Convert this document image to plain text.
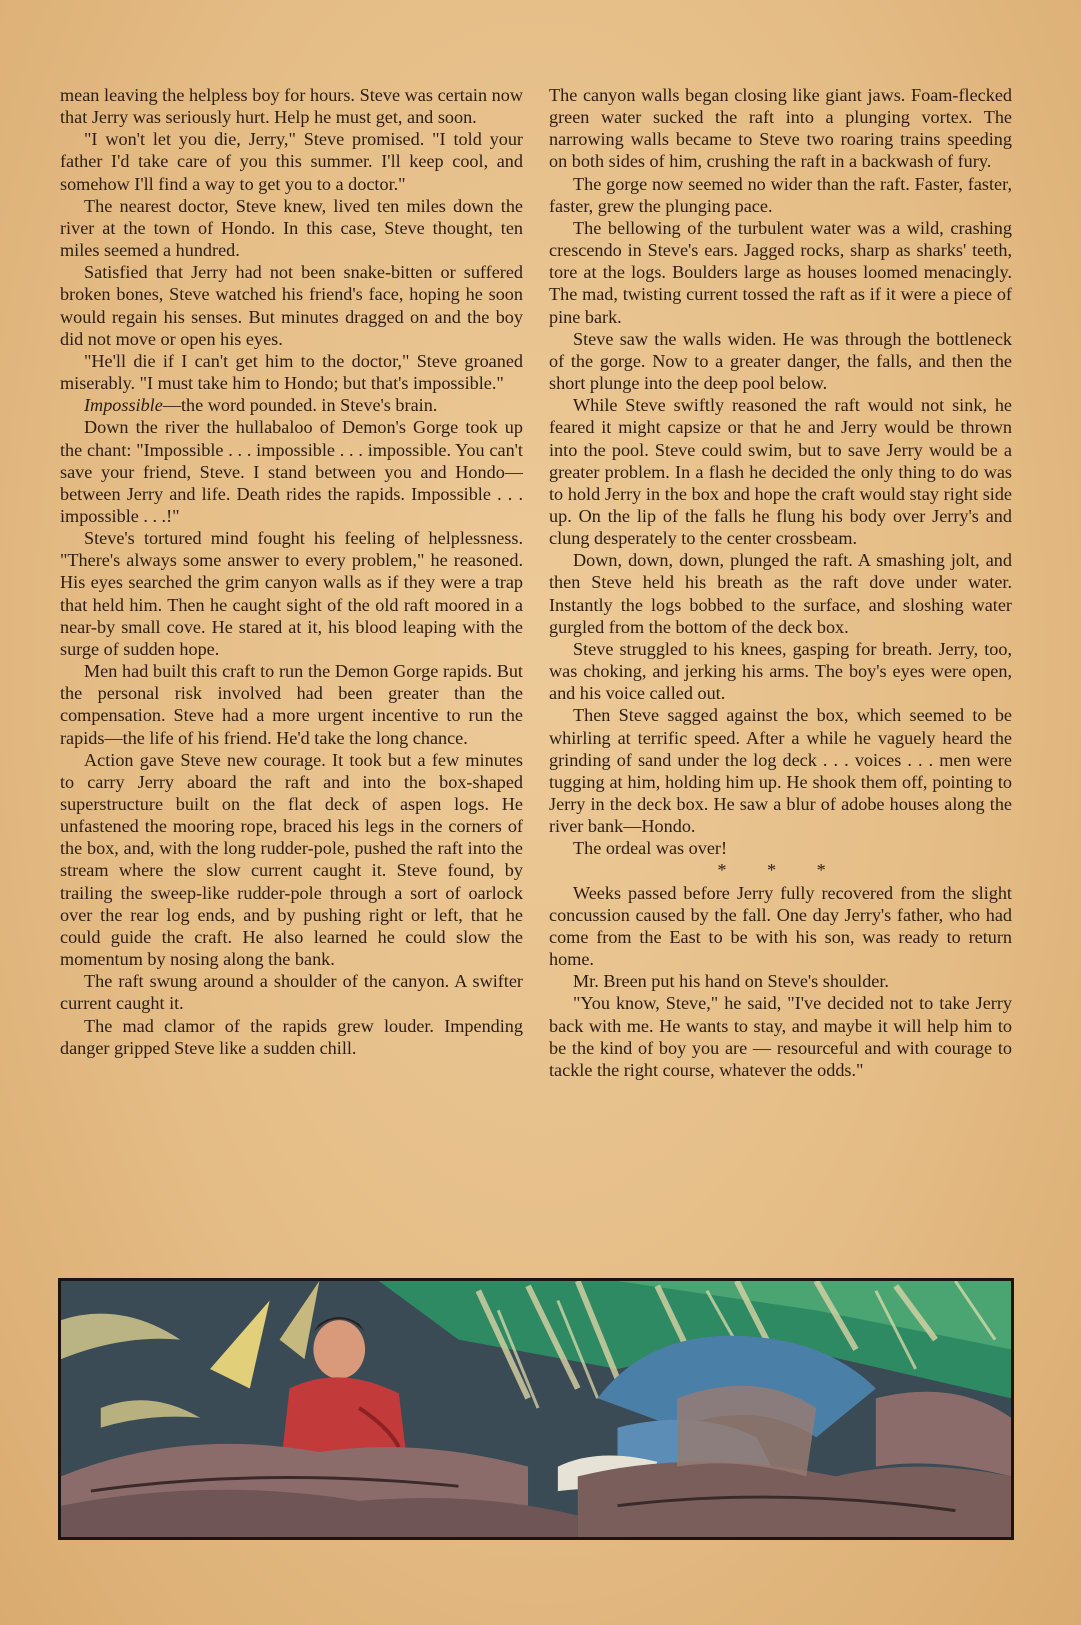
mean leaving the helpless boy for hours. Steve was certain now that Jerry was seriously hurt. Help he must get, and soon.

"I won't let you die, Jerry," Steve promised. "I told your father I'd take care of you this summer. I'll keep cool, and somehow I'll find a way to get you to a doctor."

The nearest doctor, Steve knew, lived ten miles down the river at the town of Hondo. In this case, Steve thought, ten miles seemed a hundred.

Satisfied that Jerry had not been snake-bitten or suffered broken bones, Steve watched his friend's face, hoping he soon would regain his senses. But minutes dragged on and the boy did not move or open his eyes.

"He'll die if I can't get him to the doctor," Steve groaned miserably. "I must take him to Hondo; but that's impossible."

Impossible—the word pounded. in Steve's brain.

Down the river the hullabaloo of Demon's Gorge took up the chant: "Impossible . . . impossible . . . impossible. You can't save your friend, Steve. I stand between you and Hondo—between Jerry and life. Death rides the rapids. Impossible . . . impossible . . .!"

Steve's tortured mind fought his feeling of helplessness. "There's always some answer to every problem," he reasoned. His eyes searched the grim canyon walls as if they were a trap that held him. Then he caught sight of the old raft moored in a near-by small cove. He stared at it, his blood leaping with the surge of sudden hope.

Men had built this craft to run the Demon Gorge rapids. But the personal risk involved had been greater than the compensation. Steve had a more urgent incentive to run the rapids—the life of his friend. He'd take the long chance.

Action gave Steve new courage. It took but a few minutes to carry Jerry aboard the raft and into the box-shaped superstructure built on the flat deck of aspen logs. He unfastened the mooring rope, braced his legs in the corners of the box, and, with the long rudder-pole, pushed the raft into the stream where the slow current caught it. Steve found, by trailing the sweep-like rudder-pole through a sort of oarlock over the rear log ends, and by pushing right or left, that he could guide the craft. He also learned he could slow the momentum by nosing along the bank.

The raft swung around a shoulder of the canyon. A swifter current caught it.

The mad clamor of the rapids grew louder. Impending danger gripped Steve like a sudden chill.

The canyon walls began closing like giant jaws. Foam-flecked green water sucked the raft into a plunging vortex. The narrowing walls became to Steve two roaring trains speeding on both sides of him, crushing the raft in a backwash of fury.

The gorge now seemed no wider than the raft. Faster, faster, faster, grew the plunging pace.

The bellowing of the turbulent water was a wild, crashing crescendo in Steve's ears. Jagged rocks, sharp as sharks' teeth, tore at the logs. Boulders large as houses loomed menacingly. The mad, twisting current tossed the raft as if it were a piece of pine bark.

Steve saw the walls widen. He was through the bottleneck of the gorge. Now to a greater danger, the falls, and then the short plunge into the deep pool below.

While Steve swiftly reasoned the raft would not sink, he feared it might capsize or that he and Jerry would be thrown into the pool. Steve could swim, but to save Jerry would be a greater problem. In a flash he decided the only thing to do was to hold Jerry in the box and hope the craft would stay right side up. On the lip of the falls he flung his body over Jerry's and clung desperately to the center crossbeam.

Down, down, down, plunged the raft. A smashing jolt, and then Steve held his breath as the raft dove under water. Instantly the logs bobbed to the surface, and sloshing water gurgled from the bottom of the deck box.

Steve struggled to his knees, gasping for breath. Jerry, too, was choking, and jerking his arms. The boy's eyes were open, and his voice called out.

Then Steve sagged against the box, which seemed to be whirling at terrific speed. After a while he vaguely heard the grinding of sand under the log deck . . . voices . . . men were tugging at him, holding him up. He shook them off, pointing to Jerry in the deck box. He saw a blur of adobe houses along the river bank—Hondo.

The ordeal was over!

* * *

Weeks passed before Jerry fully recovered from the slight concussion caused by the fall. One day Jerry's father, who had come from the East to be with his son, was ready to return home.

Mr. Breen put his hand on Steve's shoulder.

"You know, Steve," he said, "I've decided not to take Jerry back with me. He wants to stay, and maybe it will help him to be the kind of boy you are — resourceful and with courage to tackle the right course, whatever the odds."
